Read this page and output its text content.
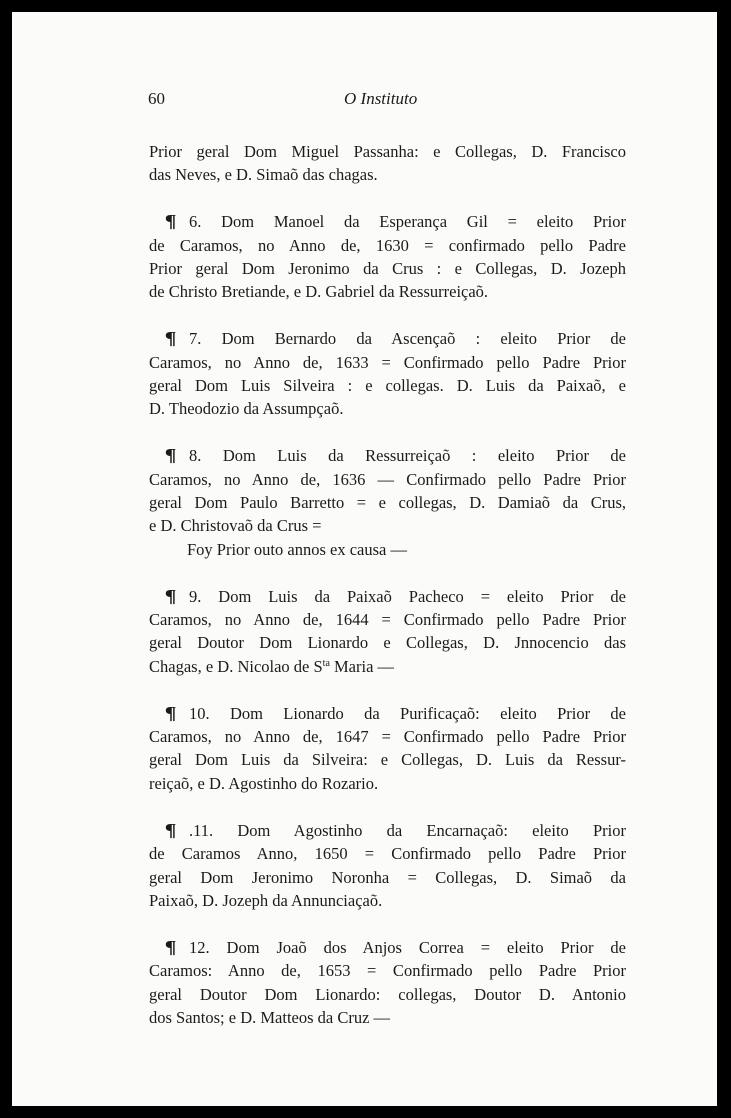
60	O Instituto

Prior geral Dom Miguel Passanha: e Collegas, D. Francisco
das Neves, e D. Simaõ das chagas.

¶ 6. Dom Manoel da Esperança Gil = eleito Prior
de Caramos, no Anno de, 1630 = confirmado pello Padre
Prior geral Dom Jeronimo da Crus : e Collegas, D. Jozeph
de Christo Bretiande, e D. Gabriel da Ressurreiçaõ.

¶ 7. Dom Bernardo da Ascençaõ : eleito Prior de
Caramos, no Anno de, 1633 = Confirmado pello Padre Prior
geral Dom Luis Silveira : e collegas. D. Luis da Paixaõ, e
D. Theodozio da Assumpçaõ.

¶ 8. Dom Luis da Ressurreiçaõ : eleito Prior de
Caramos, no Anno de, 1636 — Confirmado pello Padre Prior
geral Dom Paulo Barretto = e collegas, D. Damiaõ da Crus,
e D. Christovaõ da Crus =
Foy Prior outo annos ex causa —

¶ 9. Dom Luis da Paixaõ Pacheco = eleito Prior de
Caramos, no Anno de, 1644 = Confirmado pello Padre Prior
geral Doutor Dom Lionardo e Collegas, D. Jnnocencio das
Chagas, e D. Nicolao de $S^{ta}$ Maria —

¶ 10. Dom Lionardo da Purificaçaõ: eleito Prior de
Caramos, no Anno de, 1647 = Confirmado pello Padre Prior
geral Dom Luis da Silveira: e Collegas, D. Luis da Ressur-
reiçaõ, e D. Agostinho do Rozario.

¶ .11. Dom Agostinho da Encarnaçaõ: eleito Prior
de Caramos Anno, 1650 = Confirmado pello Padre Prior
geral Dom Jeronimo Noronha = Collegas, D. Simaõ da
Paixaõ, D. Jozeph da Annunciaçaõ.

¶ 12. Dom Joaõ dos Anjos Correa = eleito Prior de
Caramos: Anno de, 1653 = Confirmado pello Padre Prior
geral Doutor Dom Lionardo: collegas, Doutor D. Antonio
dos Santos; e D. Matteos da Cruz —
